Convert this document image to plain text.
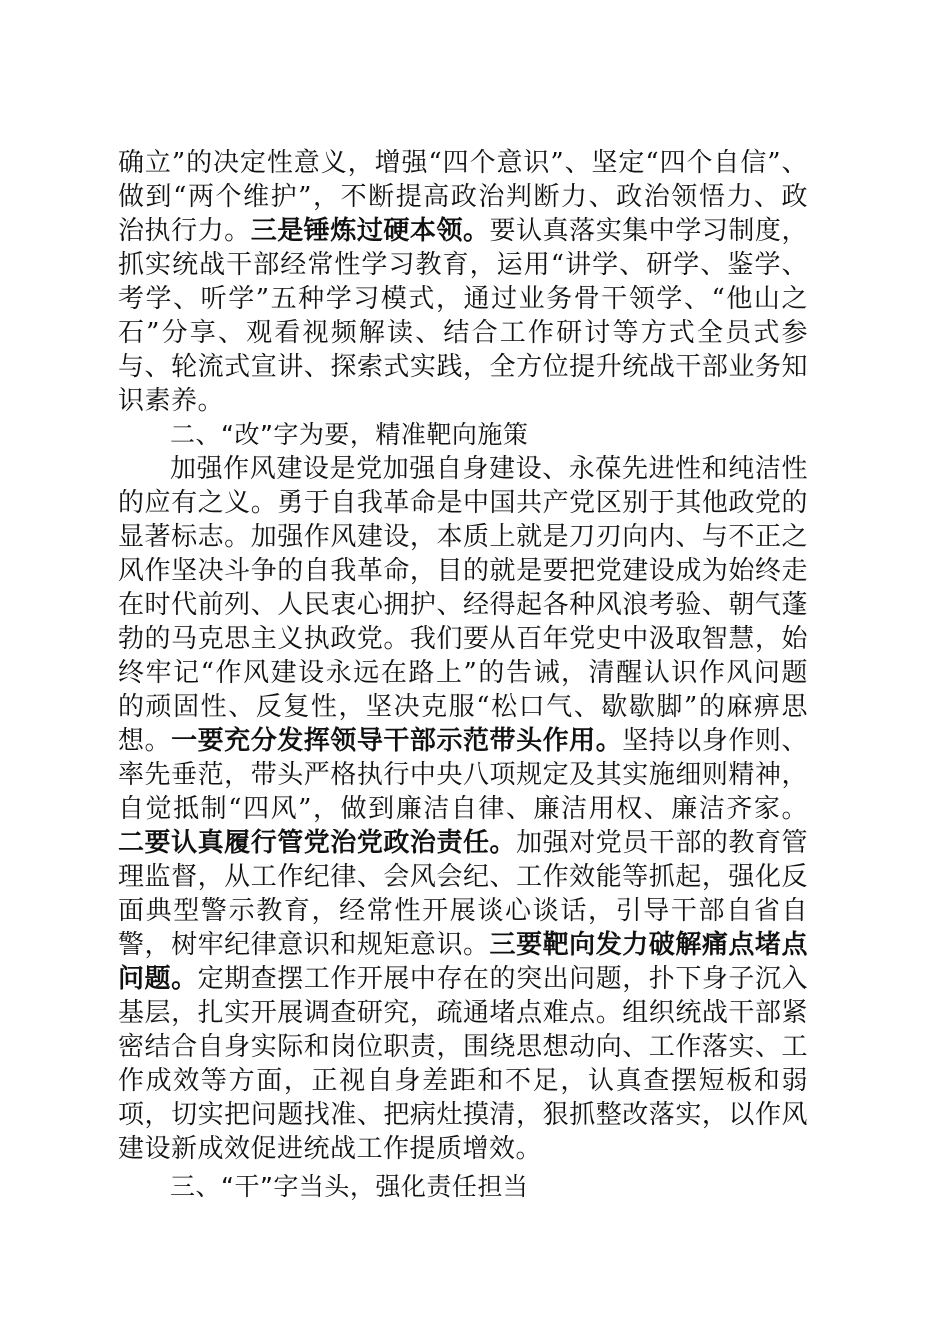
确立”的决定性意义，增强“四个意识”、坚定“四个自信”、做到“两个维护”，不断提高政治判断力、政治领悟力、政治执行力。三是锤炼过硬本领。要认真落实集中学习制度，抓实统战干部经常性学习教育，运用“讲学、研学、鉴学、考学、听学”五种学习模式，通过业务骨干领学、“他山之石”分享、观看视频解读、结合工作研讨等方式全员式参与、轮流式宣讲、探索式实践，全方位提升统战干部业务知识素养。

二、“改”字为要，精准靶向施策

加强作风建设是党加强自身建设、永葆先进性和纯洁性的应有之义。勇于自我革命是中国共产党区别于其他政党的显著标志。加强作风建设，本质上就是刀刃向内、与不正之风作坚决斗争的自我革命，目的就是要把党建设成为始终走在时代前列、人民衷心拥护、经得起各种风浪考验、朝气蓬勃的马克思主义执政党。我们要从百年党史中汲取智慧，始终牢记“作风建设永远在路上”的告诫，清醒认识作风问题的顽固性、反复性，坚决克服“松口气、歇歇脚”的麻痹思想。一要充分发挥领导干部示范带头作用。坚持以身作则、率先垂范，带头严格执行中央八项规定及其实施细则精神，自觉抵制“四风”，做到廉洁自律、廉洁用权、廉洁齐家。二要认真履行管党治党政治责任。加强对党员干部的教育管理监督，从工作纪律、会风会纪、工作效能等抓起，强化反面典型警示教育，经常性开展谈心谈话，引导干部自省自警，树牢纪律意识和规矩意识。三要靶向发力破解痛点堵点问题。定期查摆工作开展中存在的突出问题，扑下身子沉入基层，扎实开展调查研究，疏通堵点难点。组织统战干部紧密结合自身实际和岗位职责，围绕思想动向、工作落实、工作成效等方面，正视自身差距和不足，认真查摆短板和弱项，切实把问题找准、把病灶摸清，狠抓整改落实，以作风建设新成效促进统战工作提质增效。

三、“干”字当头，强化责任担当
